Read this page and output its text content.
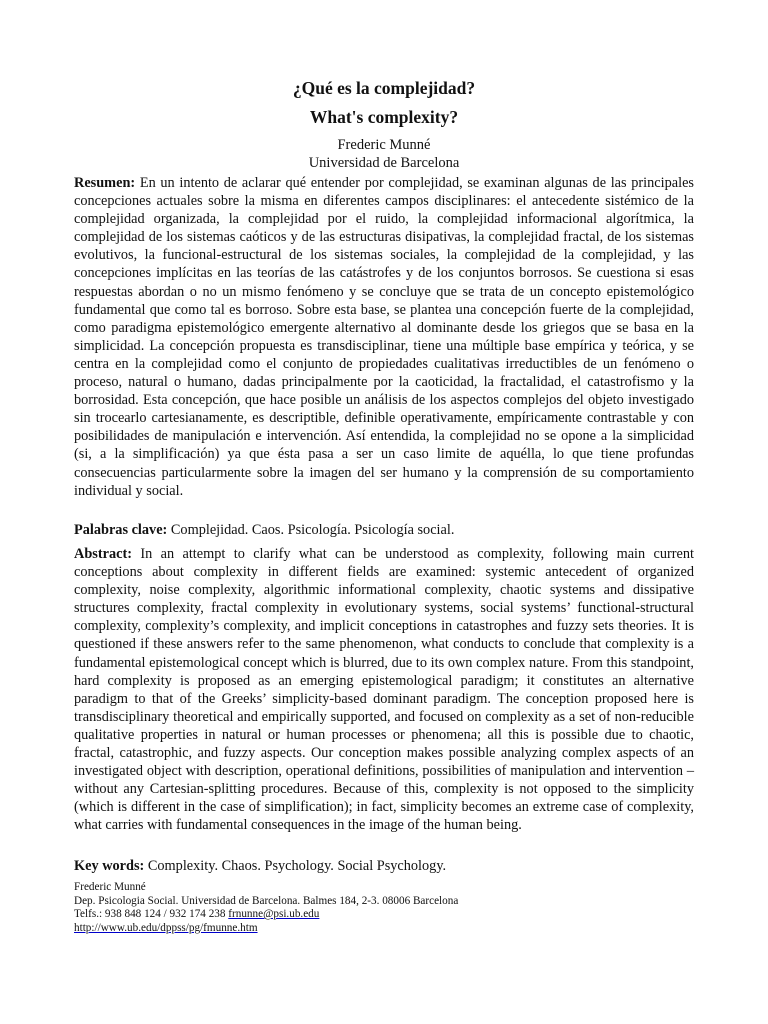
¿Qué es la complejidad?
What's complexity?
Frederic Munné
Universidad de Barcelona

Resumen: En un intento de aclarar qué entender por complejidad, se examinan algunas de las principales concepciones actuales sobre la misma en diferentes campos disciplinares: el antecedente sistémico de la complejidad organizada, la complejidad por el ruido, la complejidad informacional algorítmica, la complejidad de los sistemas caóticos y de las estructuras disipativas, la complejidad fractal, de los sistemas evolutivos, la funcional-estructural de los sistemas sociales, la complejidad de la complejidad, y las concepciones implícitas en las teorías de las catástrofes y de los conjuntos borrosos. Se cuestiona si esas respuestas abordan o no un mismo fenómeno y se concluye que se trata de un concepto epistemológico fundamental que como tal es borroso. Sobre esta base, se plantea una concepción fuerte de la complejidad, como paradigma epistemológico emergente alternativo al dominante desde los griegos que se basa en la simplicidad. La concepción propuesta es transdisciplinar, tiene una múltiple base empírica y teórica, y se centra en la complejidad como el conjunto de propiedades cualitativas irreductibles de un fenómeno o proceso, natural o humano, dadas principalmente por la caoticidad, la fractalidad, el catastrofismo y la borrosidad. Esta concepción, que hace posible un análisis de los aspectos complejos del objeto investigado sin trocearlo cartesianamente, es descriptible, definible operativamente, empíricamente contrastable y con posibilidades de manipulación e intervención. Así entendida, la complejidad no se opone a la simplicidad (si, a la simplificación) ya que ésta pasa a ser un caso limite de aquélla, lo que tiene profundas consecuencias particularmente sobre la imagen del ser humano y la comprensión de su comportamiento individual y social.

Palabras clave: Complejidad. Caos. Psicología. Psicología social.

Abstract: In an attempt to clarify what can be understood as complexity, following main current conceptions about complexity in different fields are examined: systemic antecedent of organized complexity, noise complexity, algorithmic informational complexity, chaotic systems and dissipative structures complexity, fractal complexity in evolutionary systems, social systems’ functional-structural complexity, complexity’s complexity, and implicit conceptions in catastrophes and fuzzy sets theories. It is questioned if these answers refer to the same phenomenon, what conducts to conclude that complexity is a fundamental epistemological concept which is blurred, due to its own complex nature. From this standpoint, hard complexity is proposed as an emerging epistemological paradigm; it constitutes an alternative paradigm to that of the Greeks’ simplicity-based dominant paradigm. The conception proposed here is transdisciplinary theoretical and empirically supported, and focused on complexity as a set of non-reducible qualitative properties in natural or human processes or phenomena; all this is possible due to chaotic, fractal, catastrophic, and fuzzy aspects. Our conception makes possible analyzing complex aspects of an investigated object with description, operational definitions, possibilities of manipulation and intervention – without any Cartesian-splitting procedures. Because of this, complexity is not opposed to the simplicity (which is different in the case of simplification); in fact, simplicity becomes an extreme case of complexity, what carries with fundamental consequences in the image of the human being.

Key words: Complexity. Chaos. Psychology. Social Psychology.

Frederic Munné
Dep. Psicologia Social. Universidad de Barcelona. Balmes 184, 2-3. 08006 Barcelona
Telfs.: 938 848 124 / 932 174 238 frnunne@psi.ub.edu
http://www.ub.edu/dppss/pg/fmunne.htm
